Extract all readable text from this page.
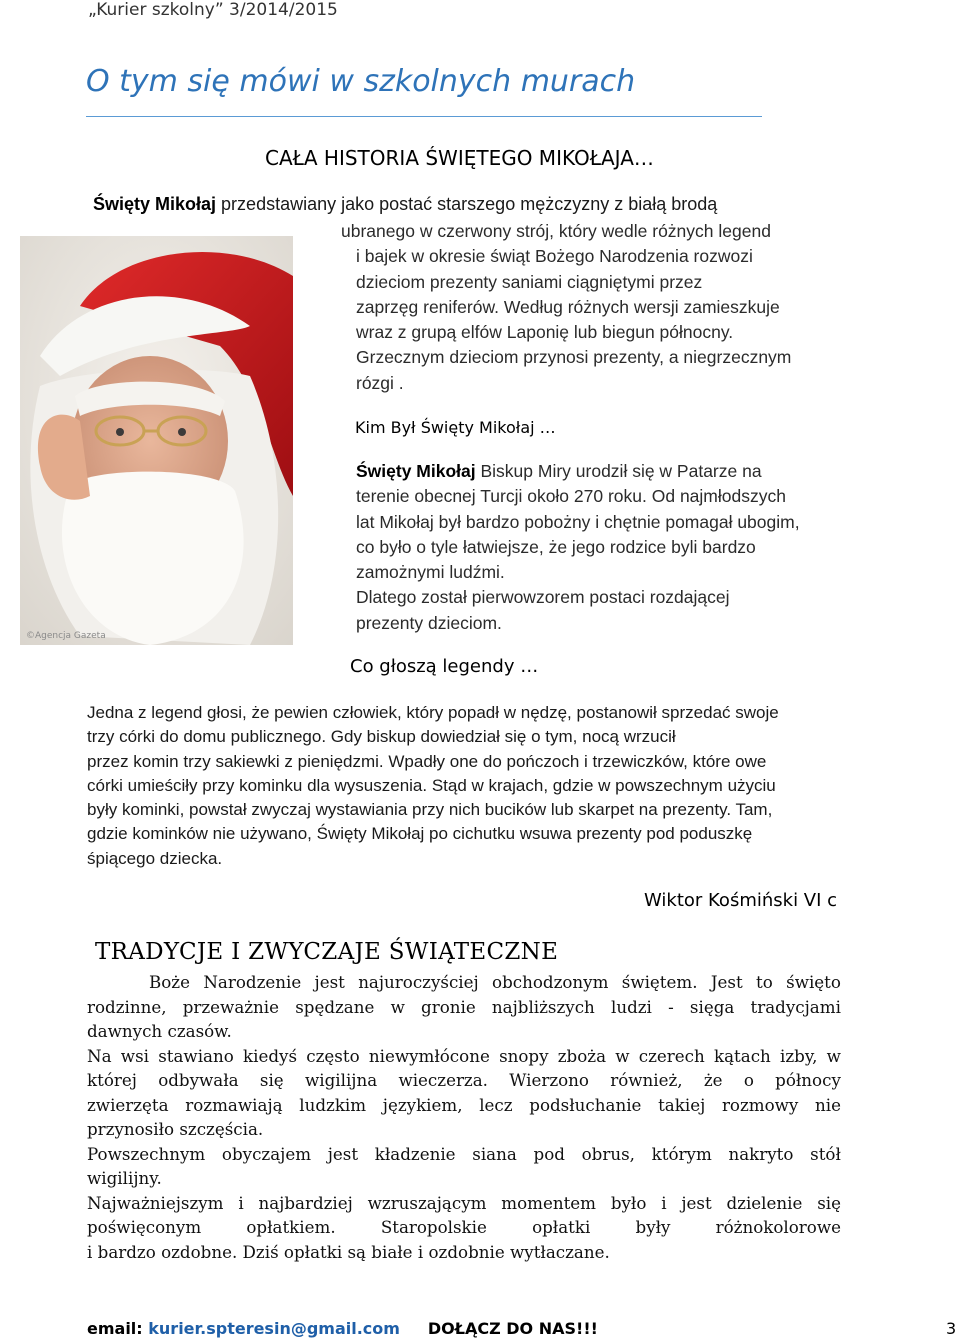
„Kurier szkolny” 3/2014/2015
O tym się mówi w szkolnych murach
CAŁA HISTORIA ŚWIĘTEGO MIKOŁAJA…
Święty Mikołaj przedstawiany jako postać starszego mężczyzny z białą brodą
©Agencja Gazeta
ubranego w czerwony strój, który wedle różnych legend
i bajek w okresie świąt Bożego Narodzenia rozwozi
dzieciom prezenty saniami ciągniętymi przez
zaprzęg reniferów. Według różnych wersji zamieszkuje
wraz z grupą elfów Laponię lub biegun północny.
Grzecznym dzieciom przynosi prezenty, a niegrzecznym
rózgi .
Kim Był Święty Mikołaj …
Święty Mikołaj Biskup Miry urodził się w Patarze na
terenie obecnej Turcji około 270 roku. Od najmłodszych
lat Mikołaj był bardzo pobożny i chętnie pomagał ubogim,
co było o tyle łatwiejsze, że jego rodzice byli bardzo
zamożnymi ludźmi.
Dlatego został pierwowzorem postaci rozdającej
prezenty dzieciom.
Co głoszą legendy …
Jedna z legend głosi, że pewien człowiek, który popadł w nędzę, postanowił sprzedać swoje
trzy córki do domu publicznego. Gdy biskup dowiedział się o tym, nocą wrzucił
przez komin trzy sakiewki z pieniędzmi. Wpadły one do pończoch i trzewiczków, które owe
córki umieściły przy kominku dla wysuszenia. Stąd w krajach, gdzie w powszechnym użyciu
były kominki, powstał zwyczaj wystawiania przy nich bucików lub skarpet na prezenty. Tam,
gdzie kominków nie używano, Święty Mikołaj po cichutku wsuwa prezenty pod poduszkę
śpiącego dziecka.
Wiktor Kośmiński VI c
TRADYCJE I ZWYCZAJE ŚWIĄTECZNE
Boże Narodzenie jest najuroczyściej obchodzonym świętem. Jest to święto
rodzinne, przeważnie spędzane w gronie najbliższych ludzi - sięga tradycjami
dawnych czasów.
Na wsi stawiano kiedyś często niewymłócone snopy zboża w czerech kątach izby, w
której odbywała się wigilijna wieczerza. Wierzono również, że o północy
zwierzęta rozmawiają ludzkim językiem, lecz podsłuchanie takiej rozmowy nie
przynosiło szczęścia.
Powszechnym obyczajem jest kładzenie siana pod obrus, którym nakryto stół
wigilijny.
Najważniejszym i najbardziej wzruszającym momentem było i jest dzielenie się
poświęconym	opłatkiem.	Staropolskie	opłatki	były	różnokolorowe
i bardzo ozdobne. Dziś opłatki są białe i ozdobnie wytłaczane.
email: kurier.spteresin@gmail.com DOŁĄCZ DO NAS!!!	3
